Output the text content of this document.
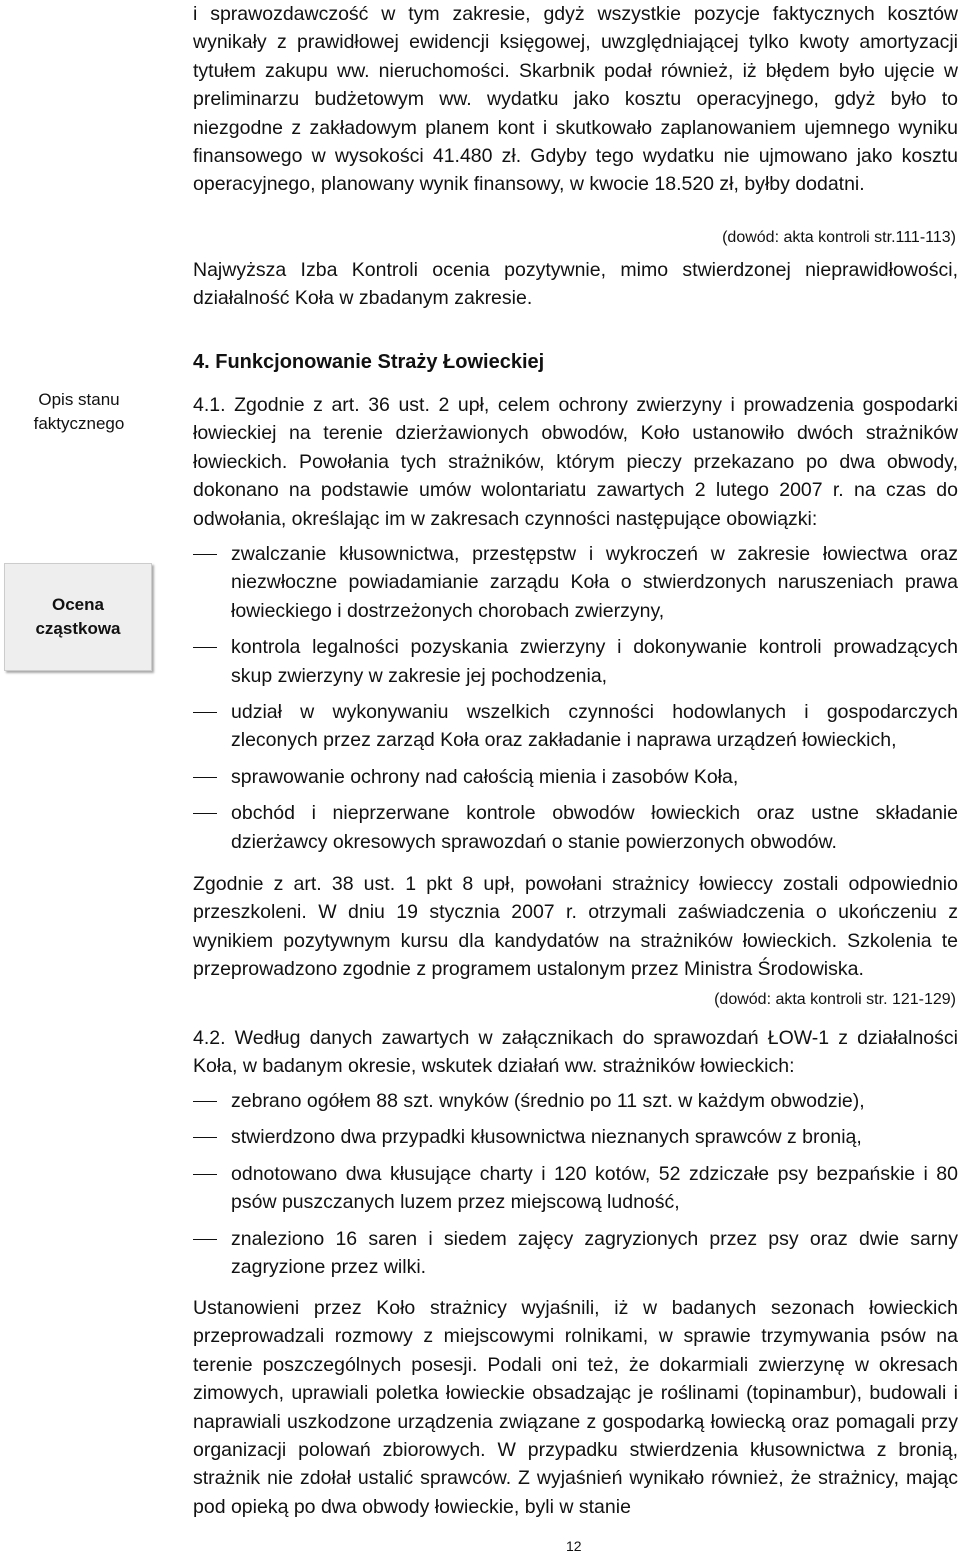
i sprawozdawczość w tym zakresie, gdyż wszystkie pozycje faktycznych kosztów wynikały z prawidłowej ewidencji księgowej, uwzględniającej tylko kwoty amortyzacji tytułem zakupu ww. nieruchomości. Skarbnik podał również, iż błędem było ujęcie w preliminarzu budżetowym ww. wydatku jako kosztu operacyjnego, gdyż było to niezgodne z zakładowym planem kont i skutkowało zaplanowaniem ujemnego wyniku finansowego w wysokości 41.480 zł. Gdyby tego wydatku nie ujmowano jako kosztu operacyjnego, planowany wynik finansowy, w kwocie 18.520 zł, byłby dodatni.

(dowód: akta kontroli str.111-113)

Ocena
cząstkowa

Najwyższa Izba Kontroli ocenia pozytywnie, mimo stwierdzonej nieprawidłowości, działalność Koła w zbadanym zakresie.

Opis stanu
faktycznego

4. Funkcjonowanie Straży Łowieckiej

4.1. Zgodnie z art. 36 ust. 2 upł, celem ochrony zwierzyny i prowadzenia gospodarki łowieckiej na terenie dzierżawionych obwodów, Koło ustanowiło dwóch strażników łowieckich. Powołania tych strażników, którym pieczy przekazano po dwa obwody, dokonano na podstawie umów wolontariatu zawartych 2 lutego 2007 r. na czas do odwołania, określając im w zakresach czynności następujące obowiązki:

zwalczanie kłusownictwa, przestępstw i wykroczeń w zakresie łowiectwa oraz niezwłoczne powiadamianie zarządu Koła o stwierdzonych naruszeniach prawa łowieckiego i dostrzeżonych chorobach zwierzyny,
kontrola legalności pozyskania zwierzyny i dokonywanie kontroli prowadzących skup zwierzyny w zakresie jej pochodzenia,
udział w wykonywaniu wszelkich czynności hodowlanych i gospodarczych zleconych przez zarząd Koła oraz zakładanie i naprawa urządzeń łowieckich,
sprawowanie ochrony nad całością mienia i zasobów Koła,
obchód i nieprzerwane kontrole obwodów łowieckich oraz ustne składanie dzierżawcy okresowych sprawozdań o stanie powierzonych obwodów.

Zgodnie z art. 38 ust. 1 pkt 8 upł, powołani strażnicy łowieccy zostali odpowiednio przeszkoleni. W dniu 19 stycznia 2007 r. otrzymali zaświadczenia o ukończeniu z wynikiem pozytywnym kursu dla kandydatów na strażników łowieckich. Szkolenia te przeprowadzono zgodnie z programem ustalonym przez Ministra Środowiska.

(dowód: akta kontroli str. 121-129)

4.2. Według danych zawartych w załącznikach do sprawozdań ŁOW-1 z działalności Koła, w badanym okresie, wskutek działań ww. strażników łowieckich:

zebrano ogółem 88 szt. wnyków (średnio po 11 szt. w każdym obwodzie),
stwierdzono dwa przypadki kłusownictwa nieznanych sprawców z bronią,
odnotowano dwa kłusujące charty i 120 kotów, 52 zdziczałe psy bezpańskie i 80 psów puszczanych luzem przez miejscową ludność,
znaleziono 16 saren i siedem zajęcy zagryzionych przez psy oraz dwie sarny zagryzione przez wilki.

Ustanowieni przez Koło strażnicy wyjaśnili, iż w badanych sezonach łowieckich przeprowadzali rozmowy z miejscowymi rolnikami, w sprawie trzymywania psów na terenie poszczególnych posesji. Podali oni też, że dokarmiali zwierzynę w okresach zimowych, uprawiali poletka łowieckie obsadzając je roślinami (topinambur), budowali i naprawiali uszkodzone urządzenia związane z gospodarką łowiecką oraz pomagali przy organizacji polowań zbiorowych. W przypadku stwierdzenia kłusownictwa z bronią, strażnik nie zdołał ustalić sprawców. Z wyjaśnień wynikało również, że strażnicy, mając pod opieką po dwa obwody łowieckie, byli w stanie

12
